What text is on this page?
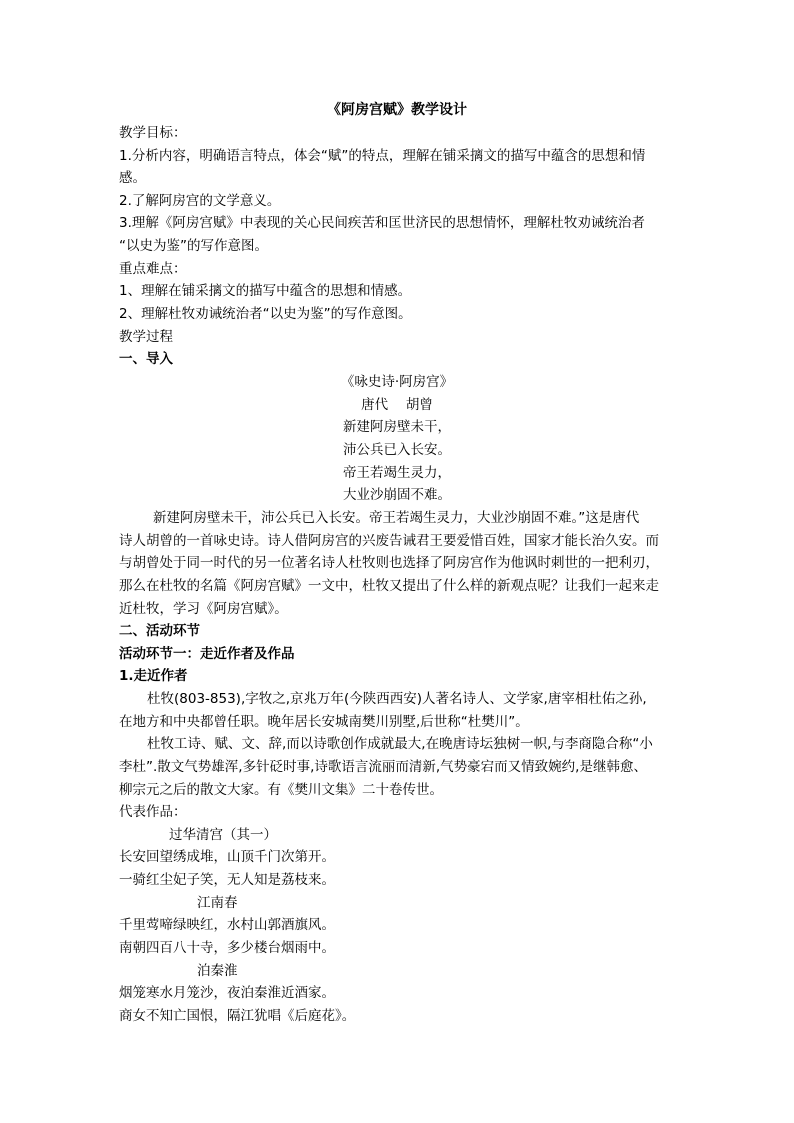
《阿房宫赋》教学设计
教学目标：
1.分析内容，明确语言特点，体会“赋”的特点，理解在铺采摛文的描写中蕴含的思想和情
感。
2.了解阿房宫的文学意义。
3.理解《阿房宫赋》中表现的关心民间疾苦和匡世济民的思想情怀，理解杜牧劝诫统治者
“以史为鉴”的写作意图。
重点难点：
1、理解在铺采摛文的描写中蕴含的思想和情感。
2、理解杜牧劝诫统治者“以史为鉴”的写作意图。
教学过程
一、导入
《咏史诗·阿房宫》
唐代　 胡曾
新建阿房壁未干，
沛公兵已入长安。
帝王若竭生灵力，
大业沙崩固不难。
新建阿房壁未干，沛公兵已入长安。帝王若竭生灵力，大业沙崩固不难。”这是唐代
诗人胡曾的一首咏史诗。诗人借阿房宫的兴废告诫君王要爱惜百姓，国家才能长治久安。而
与胡曾处于同一时代的另一位著名诗人杜牧则也选择了阿房宫作为他讽时刺世的一把利刃，
那么在杜牧的名篇《阿房宫赋》一文中，杜牧又提出了什么样的新观点呢？让我们一起来走
近杜牧，学习《阿房宫赋》。
二、活动环节
活动环节一：走近作者及作品
1.走近作者
杜牧(803-853),字牧之,京兆万年(今陕西西安)人著名诗人、文学家,唐宰相杜佑之孙,
在地方和中央都曾任职。晚年居长安城南樊川别墅,后世称“杜樊川”。
杜牧工诗、赋、文、辞,而以诗歌创作成就最大,在晚唐诗坛独树一帜,与李商隐合称“小
李杜”.散文气势雄浑,多针砭时事,诗歌语言流丽而清新,气势豪宕而又情致婉约,是继韩愈、
柳宗元之后的散文大家。有《樊川文集》二十卷传世。
代表作品：
过华清宫（其一）
长安回望绣成堆，山顶千门次第开。
一骑红尘妃子笑，无人知是荔枝来。
江南春
千里莺啼绿映红，水村山郭酒旗风。
南朝四百八十寺，多少楼台烟雨中。
泊秦淮
烟笼寒水月笼沙，夜泊秦淮近酒家。
商女不知亡国恨，隔江犹唱《后庭花》。
